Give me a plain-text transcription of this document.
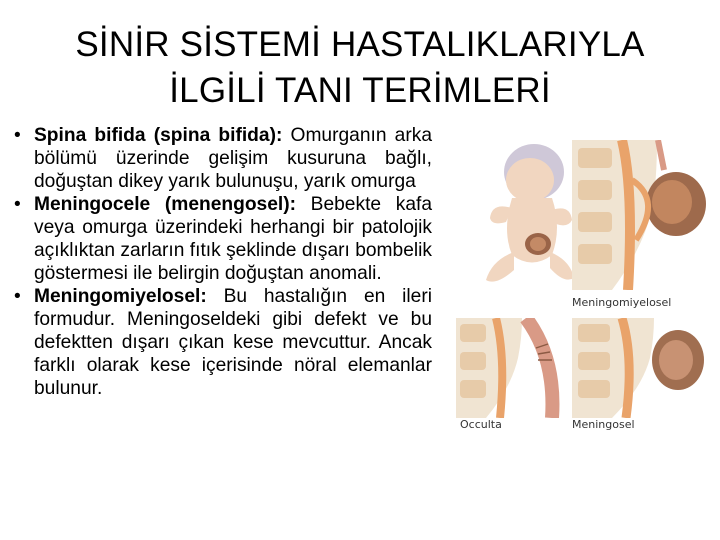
SİNİR SİSTEMİ HASTALIKLARIYLA
İLGİLİ TANI TERİMLERİ
• Spina bifida (spina bifida): Omurganın arka bölümü üzerinde gelişim kusuruna bağlı, doğuştan dikey yarık bulunuşu, yarık omurga
• Meningocele (menengosel): Bebekte kafa veya omurga üzerindeki herhangi bir patolojik açıklıktan zarların fıtık şeklinde dışarı bombelik göstermesi ile belirgin doğuştan anomali.
• Meningomiyelosel: Bu hastalığın en ileri formudur. Meningoseldeki gibi defekt ve bu defektten dışarı çıkan kese mevcuttur. Ancak farklı olarak kese içerisinde nöral elemanlar bulunur.
Meningomiyelosel
Occulta	Meningosel
